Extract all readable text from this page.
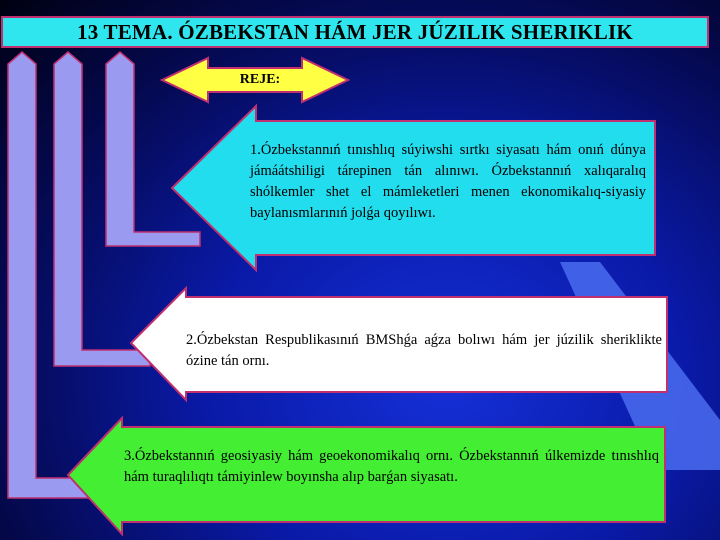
13 TEMA. ÓZBEKSTAN HÁM JER JÚZILIK SHERIKLIK
REJE:
1.Ózbekstannıń tınıshlıq súyiwshi sırtkı siyasatı hám onıń dúnya jámáátshiligi tárepinen tán alınıwı. Ózbekstannıń xalıqaralıq shólkemler shet el mámleketleri menen ekonomikalıq-siyasiy baylanısmlarınıń jolǵa qoyılıwı.
2.Ózbekstan Respublikasınıń BMShǵa aǵza bolıwı hám jer júzilik sheriklikte ózine tán ornı.
3.Ózbekstannıń geosiyasiy hám geoekonomikalıq ornı. Ózbekstannıń úlkemizde tınıshlıq hám turaqlılıqtı támiyinlew boyınsha alıp barǵan siyasatı.
